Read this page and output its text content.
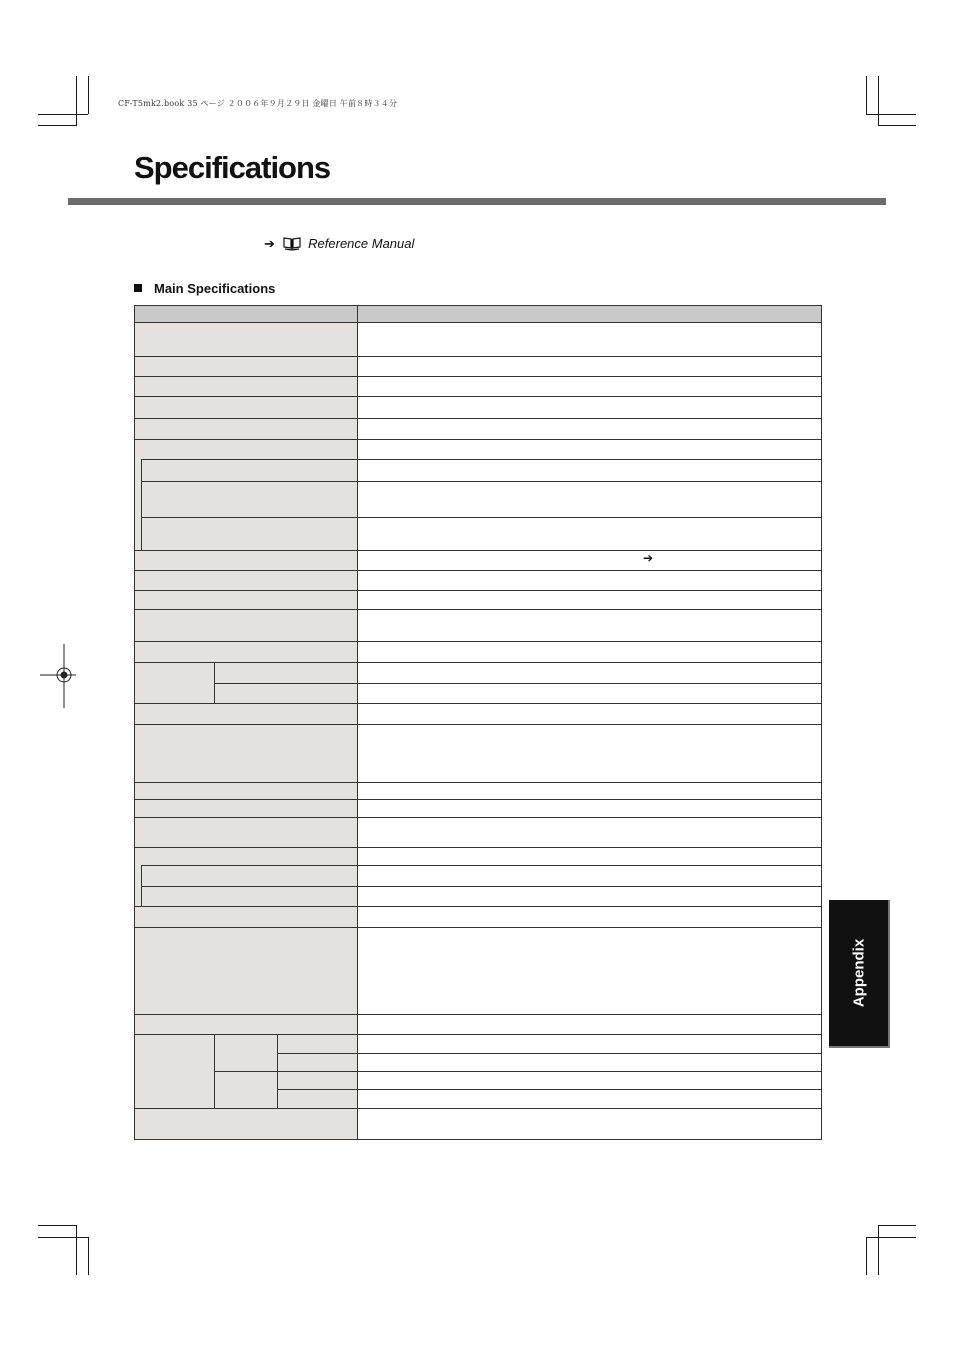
CF-T5mk2.book 35 ページ ２００６年９月２９日 金曜日 午前８時３４分
Specifications
➔	Reference Manual
Main Specifications
➔
Appendix
